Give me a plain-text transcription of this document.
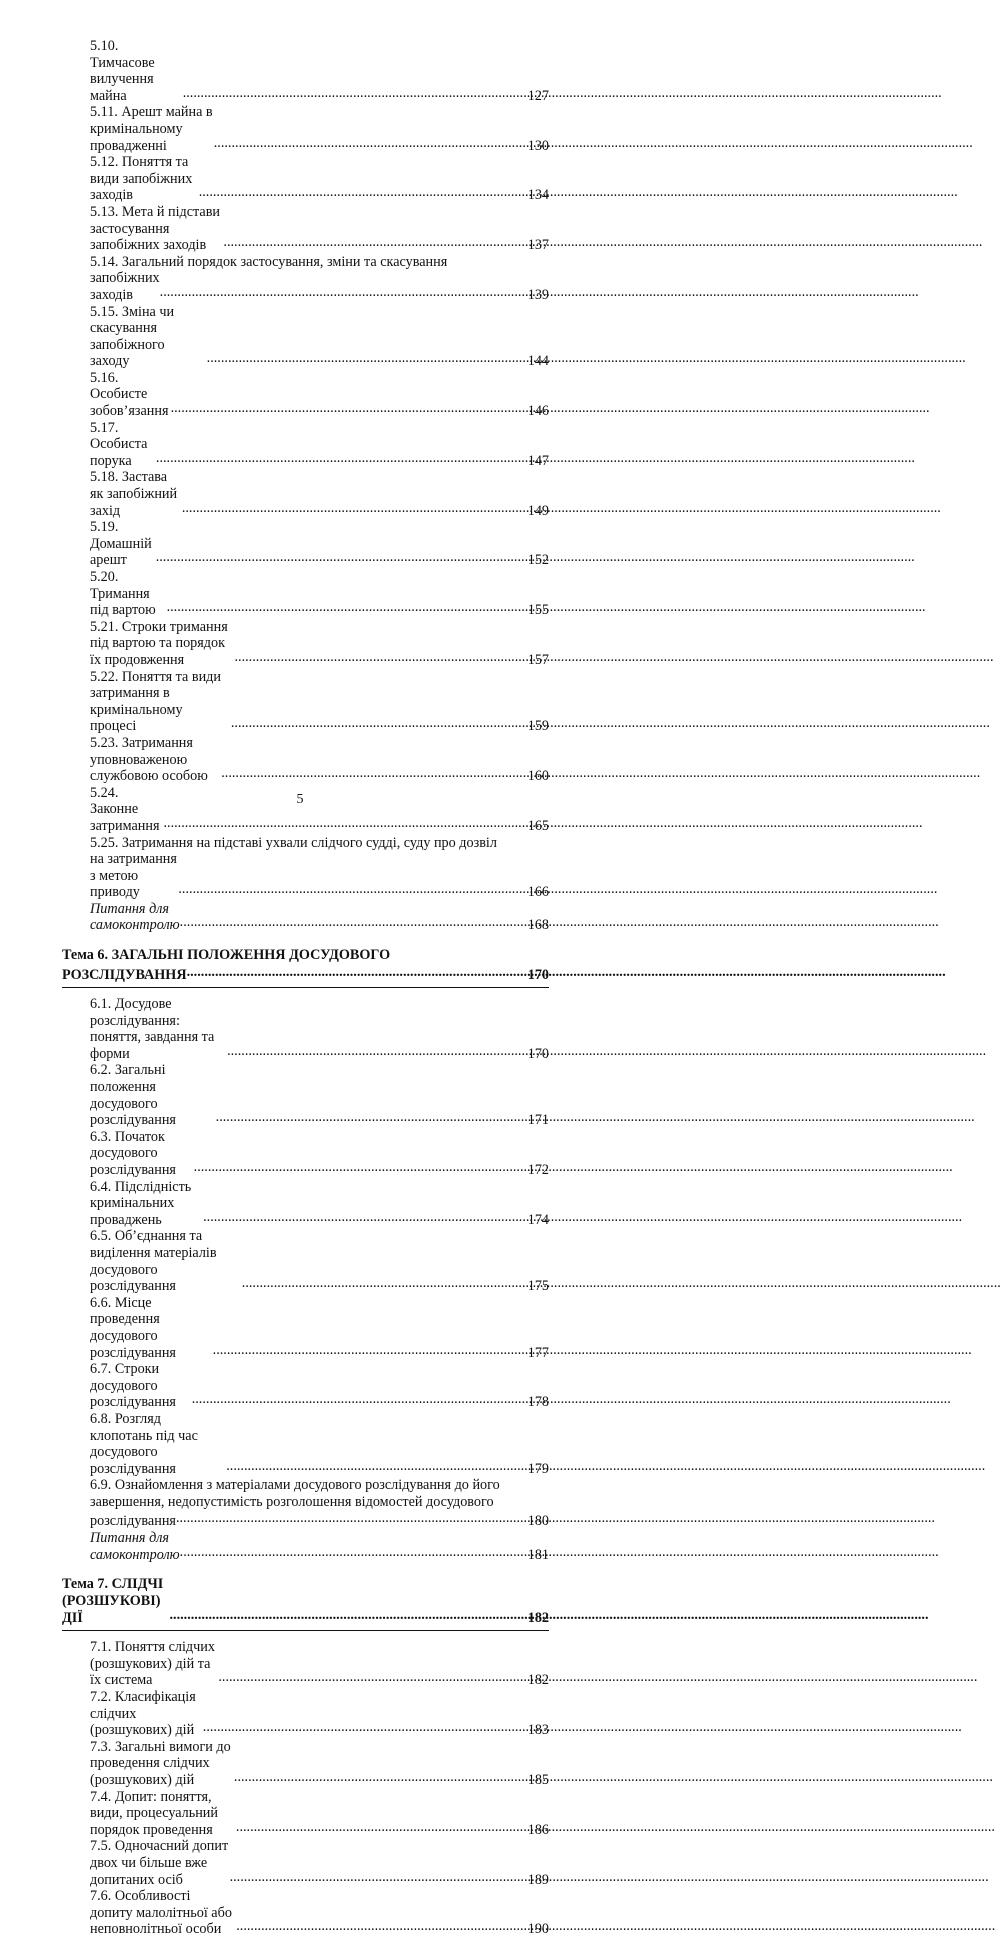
5.10. Тимчасове вилучення майна .....	127
5.11. Арешт майна в кримінальному провадженні .....	130
5.12. Поняття та види запобіжних заходів .....	134
5.13. Мета й підстави застосування запобіжних заходів .....	137
5.14. Загальний порядок застосування, зміни та скасування
запобіжних заходів .....	139
5.15. Зміна чи скасування запобіжного заходу .....	144
5.16. Особисте зобов’язання .....	146
5.17. Особиста порука .....	147
5.18. Застава як запобіжний захід .....	149
5.19. Домашній арешт .....	152
5.20. Тримання під вартою .....	155
5.21. Строки тримання під вартою та порядок їх продовження .....	157
5.22. Поняття та види затримання в кримінальному процесі .....	159
5.23. Затримання уповноваженою службовою особою .....	160
5.24. Законне затримання .....	165
5.25. Затримання на підставі ухвали слідчого судді, суду про дозвіл
на затримання з метою приводу .....	166
Питання для самоконтролю .....	168
Тема 6. ЗАГАЛЬНІ ПОЛОЖЕННЯ ДОСУДОВОГО
РОЗСЛІДУВАННЯ .....	170
6.1. Досудове розслідування: поняття, завдання та форми .....	170
6.2. Загальні положення досудового розслідування .....	171
6.3. Початок досудового розслідування .....	172
6.4. Підслідність кримінальних проваджень .....	174
6.5. Об’єднання та виділення матеріалів досудового розслідування .....	175
6.6. Місце проведення досудового розслідування .....	177
6.7. Строки досудового розслідування .....	178
6.8. Розгляд клопотань під час досудового розслідування .....	179
6.9. Ознайомлення з матеріалами досудового розслідування до його
завершення, недопустимість розголошення відомостей досудового
розслідування .....	180
Питання для самоконтролю .....	181
Тема 7. СЛІДЧІ (РОЗШУКОВІ) ДІЇ .....	182
7.1. Поняття слідчих (розшукових) дій та їх система .....	182
7.2. Класифікація слідчих (розшукових) дій .....	183
7.3. Загальні вимоги до проведення слідчих (розшукових) дій .....	185
7.4. Допит: поняття, види, процесуальний порядок проведення .....	186
7.5. Одночасний допит двох чи більше вже допитаних осіб .....	189
7.6. Особливості допиту малолітньої або неповнолітньої особи .....	190
5
